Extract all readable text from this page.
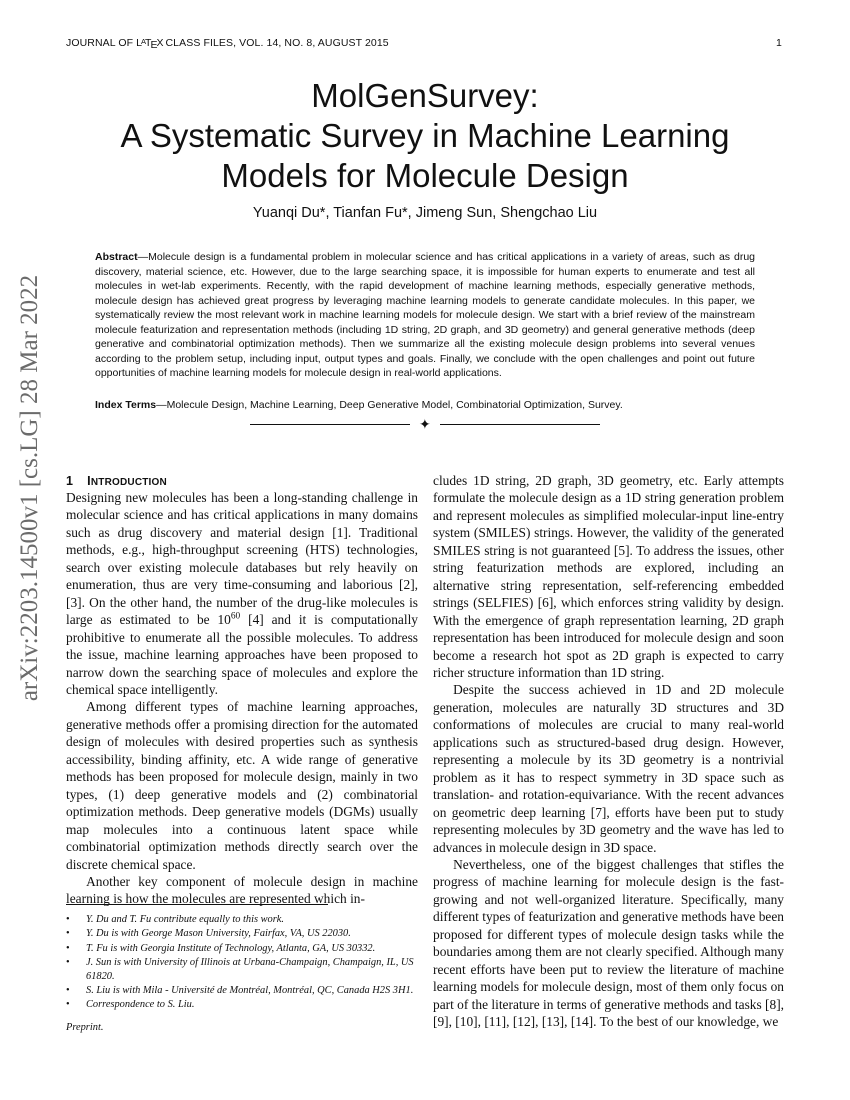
JOURNAL OF $L^ATEX$ CLASS FILES, VOL. 14, NO. 8, AUGUST 2015	1
arXiv:2203.14500v1 [cs.LG] 28 Mar 2022
MolGenSurvey:
A Systematic Survey in Machine Learning
Models for Molecule Design
Yuanqi Du*, Tianfan Fu*, Jimeng Sun, Shengchao Liu
Abstract—Molecule design is a fundamental problem in molecular science and has critical applications in a variety of areas, such as drug discovery, material science, etc. However, due to the large searching space, it is impossible for human experts to enumerate and test all molecules in wet-lab experiments. Recently, with the rapid development of machine learning methods, especially generative methods, molecule design has achieved great progress by leveraging machine learning models to generate candidate molecules. In this paper, we systematically review the most relevant work in machine learning models for molecule design. We start with a brief review of the mainstream molecule featurization and representation methods (including 1D string, 2D graph, and 3D geometry) and general generative methods (deep generative and combinatorial optimization methods). Then we summarize all the existing molecule design problems into several venues according to the problem setup, including input, output types and goals. Finally, we conclude with the open challenges and point out future opportunities of machine learning models for molecule design in real-world applications.
Index Terms—Molecule Design, Machine Learning, Deep Generative Model, Combinatorial Optimization, Survey.
✦
1 INTRODUCTION

Designing new molecules has been a long-standing challenge in molecular science and has critical applications in many domains such as drug discovery and material design [1]. Traditional methods, e.g., high-throughput screening (HTS) technologies, search over existing molecule databases but rely heavily on enumeration, thus are very time-consuming and laborious [2], [3]. On the other hand, the number of the drug-like molecules is large as estimated to be $10^{60}$ [4] and it is computationally prohibitive to enumerate all the possible molecules. To address the issue, machine learning approaches have been proposed to narrow down the searching space of molecules and explore the chemical space intelligently.

Among different types of machine learning approaches, generative methods offer a promising direction for the automated design of molecules with desired properties such as synthesis accessibility, binding affinity, etc. A wide range of generative methods has been proposed for molecule design, mainly in two types, (1) deep generative models and (2) combinatorial optimization methods. Deep generative models (DGMs) usually map molecules into a continuous latent space while combinatorial optimization methods directly search over the discrete chemical space.

Another key component of molecule design in machine learning is how the molecules are represented which in-

• Y. Du and T. Fu contribute equally to this work.
• Y. Du is with George Mason University, Fairfax, VA, US 22030.
• T. Fu is with Georgia Institute of Technology, Atlanta, GA, US 30332.
• J. Sun is with University of Illinois at Urbana-Champaign, Champaign, IL, US 61820.
• S. Liu is with Mila - Université de Montréal, Montréal, QC, Canada H2S 3H1.
• Correspondence to S. Liu.
Preprint.

cludes 1D string, 2D graph, 3D geometry, etc. Early attempts formulate the molecule design as a 1D string generation problem and represent molecules as simplified molecular-input line-entry system (SMILES) strings. However, the validity of the generated SMILES string is not guaranteed [5]. To address the issues, other string featurization methods are explored, including an alternative string representation, self-referencing embedded strings (SELFIES) [6], which enforces string validity by design. With the emergence of graph representation learning, 2D graph representation has been introduced for molecule design and soon become a research hot spot as 2D graph is expected to carry richer structure information than 1D string.

Despite the success achieved in 1D and 2D molecule generation, molecules are naturally 3D structures and 3D conformations of molecules are crucial to many real-world applications such as structured-based drug design. However, representing a molecule by its 3D geometry is a nontrivial problem as it has to respect symmetry in 3D space such as translation- and rotation-equivariance. With the recent advances on geometric deep learning [7], efforts have been put to study representing molecules by 3D geometry and the wave has led to advances in molecule design in 3D space.

Nevertheless, one of the biggest challenges that stifles the progress of machine learning for molecule design is the fast-growing and not well-organized literature. Specifically, many different types of featurization and generative methods have been proposed for different types of molecule design tasks while the boundaries among them are not clearly specified. Although many recent efforts have been put to review the literature of machine learning models for molecule design, most of them only focus on part of the literature in terms of generative methods and tasks [8], [9], [10], [11], [12], [13], [14]. To the best of our knowledge, we
